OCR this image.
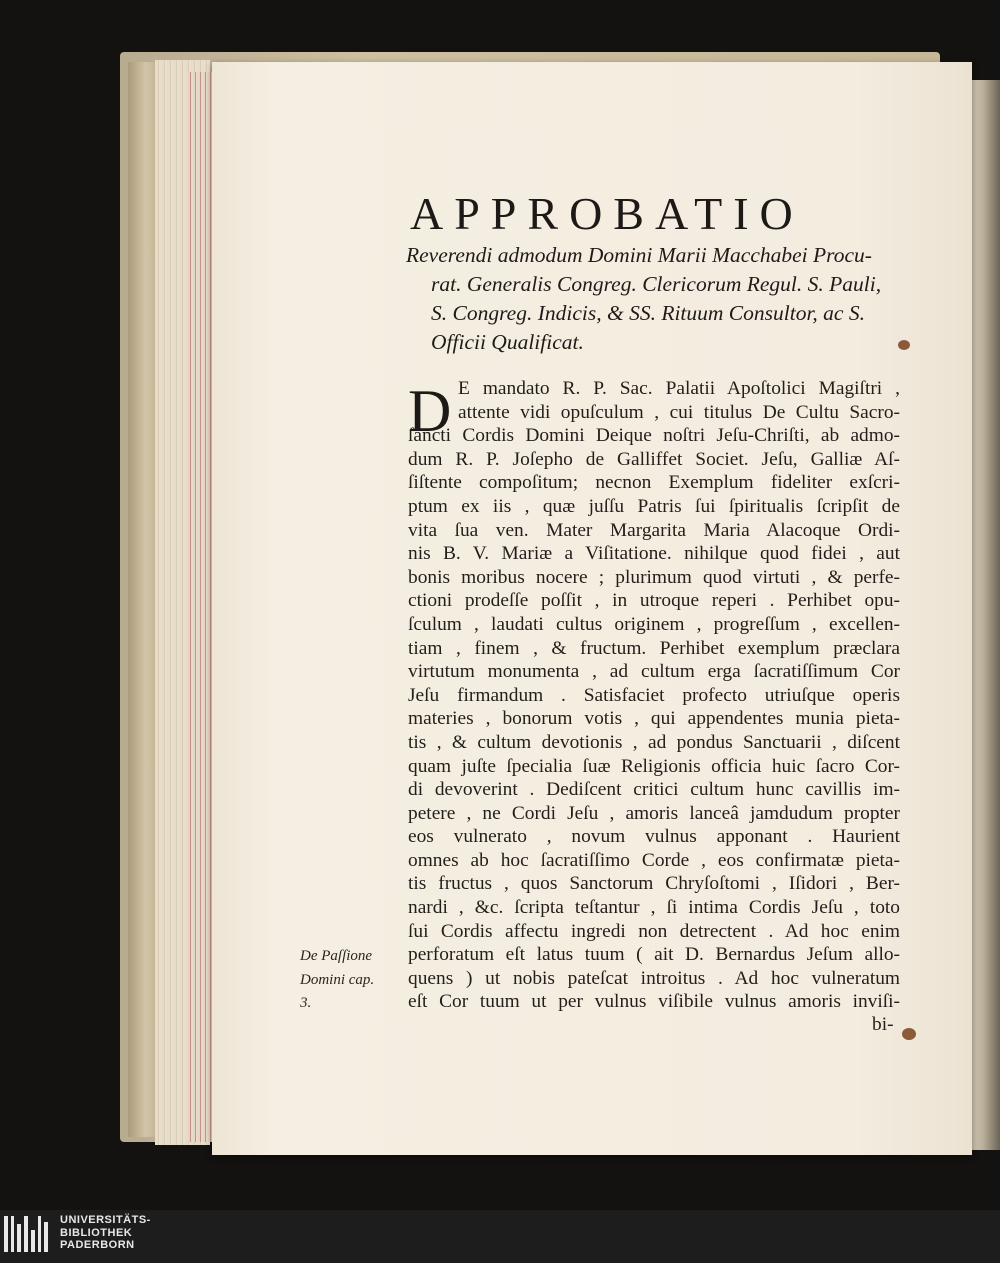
APPROBATIO
Reverendi admodum Domini Marii Macchabei Procu-
rat. Generalis Congreg. Clericorum Regul. S. Pauli,
S. Congreg. Indicis, & SS. Rituum Consultor, ac S.
Officii Qualificat.
D E mandato R. P. Sac. Palatii Apoſtolici Magiſtri ,
attente vidi opuſculum , cui titulus De Cultu Sacro-
ſancti Cordis Domini Deique noſtri Jeſu-Chriſti, ab admo-
dum R. P. Joſepho de Galliffet Societ. Jeſu, Galliæ Aſ-
ſiſtente compoſitum; necnon Exemplum fideliter exſcri-
ptum ex iis , quæ juſſu Patris ſui ſpiritualis ſcripſit de
vita ſua ven. Mater Margarita Maria Alacoque Ordi-
nis B. V. Mariæ a Viſitatione. nihilque quod fidei , aut
bonis moribus nocere ; plurimum quod virtuti , & perfe-
ctioni prodeſſe poſſit , in utroque reperi . Perhibet opu-
ſculum , laudati cultus originem , progreſſum , excellen-
tiam , finem , & fructum. Perhibet exemplum præclara
virtutum monumenta , ad cultum erga ſacratiſſimum Cor
Jeſu firmandum . Satisfaciet profecto utriuſque operis
materies , bonorum votis , qui appendentes munia pieta-
tis , & cultum devotionis , ad pondus Sanctuarii , diſcent
quam juſte ſpecialia ſuæ Religionis officia huic ſacro Cor-
di devoverint . Dediſcent critici cultum hunc cavillis im-
petere , ne Cordi Jeſu , amoris lanceâ jamdudum propter
eos vulnerato , novum vulnus apponant . Haurient
omnes ab hoc ſacratiſſimo Corde , eos confirmatæ pieta-
tis fructus , quos Sanctorum Chryſoſtomi , Iſidori , Ber-
nardi , &c. ſcripta teſtantur , ſi intima Cordis Jeſu , toto
ſui Cordis affectu ingredi non detrectent . Ad hoc enim
perforatum eſt latus tuum ( ait D. Bernardus Jeſum allo-
quens ) ut nobis pateſcat introitus . Ad hoc vulneratum
eſt Cor tuum ut per vulnus viſibile vulnus amoris inviſi-
De Paſſione
Domini cap.
3.
bi-
UNIVERSITÄTS-
BIBLIOTHEK
PADERBORN
